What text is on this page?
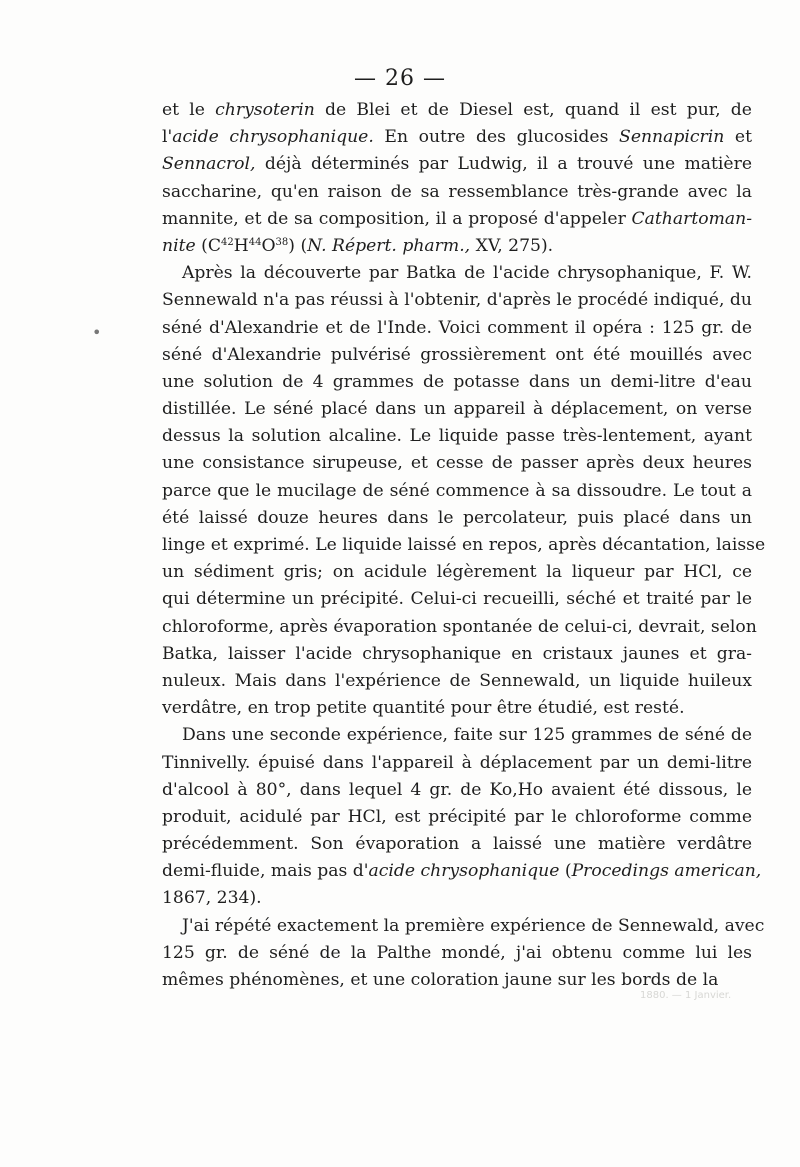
— 26 —
•
et le chrysoterin de Blei et de Diesel est, quand il est pur, de
l'acide chrysophanique. En outre des glucosides Sennapicrin et
Sennacrol, déjà déterminés par Ludwig, il a trouvé une matière
saccharine, qu'en raison de sa ressemblance très-grande avec la
mannite, et de sa composition, il a proposé d'appeler Cathartoman-
nite $(C^{42}H^{44}O^{38})$ (N. Répert. pharm., XV, 275).
Après la découverte par Batka de l'acide chrysophanique, F. W.
Sennewald n'a pas réussi à l'obtenir, d'après le procédé indiqué, du
séné d'Alexandrie et de l'Inde. Voici comment il opéra : 125 gr. de
séné d'Alexandrie pulvérisé grossièrement ont été mouillés avec
une solution de 4 grammes de potasse dans un demi-litre d'eau
distillée. Le séné placé dans un appareil à déplacement, on verse
dessus la solution alcaline. Le liquide passe très-lentement, ayant
une consistance sirupeuse, et cesse de passer après deux heures
parce que le mucilage de séné commence à sa dissoudre. Le tout a
été laissé douze heures dans le percolateur, puis placé dans un
linge et exprimé. Le liquide laissé en repos, après décantation, laisse
un sédiment gris; on acidule légèrement la liqueur par HCl, ce
qui détermine un précipité. Celui-ci recueilli, séché et traité par le
chloroforme, après évaporation spontanée de celui-ci, devrait, selon
Batka, laisser l'acide chrysophanique en cristaux jaunes et gra-
nuleux. Mais dans l'expérience de Sennewald, un liquide huileux
verdâtre, en trop petite quantité pour être étudié, est resté.
Dans une seconde expérience, faite sur 125 grammes de séné de
Tinnivelly. épuisé dans l'appareil à déplacement par un demi-litre
d'alcool à 80°, dans lequel 4 gr. de Ko,Ho avaient été dissous, le
produit, acidulé par HCl, est précipité par le chloroforme comme
précédemment. Son évaporation a laissé une matière verdâtre
demi-fluide, mais pas d'acide chrysophanique (Procedings american,
1867, 234).
J'ai répété exactement la première expérience de Sennewald, avec
125 gr. de séné de la Palthe mondé, j'ai obtenu comme lui les
mêmes phénomènes, et une coloration jaune sur les bords de la
1880. — 1 Janvier.
